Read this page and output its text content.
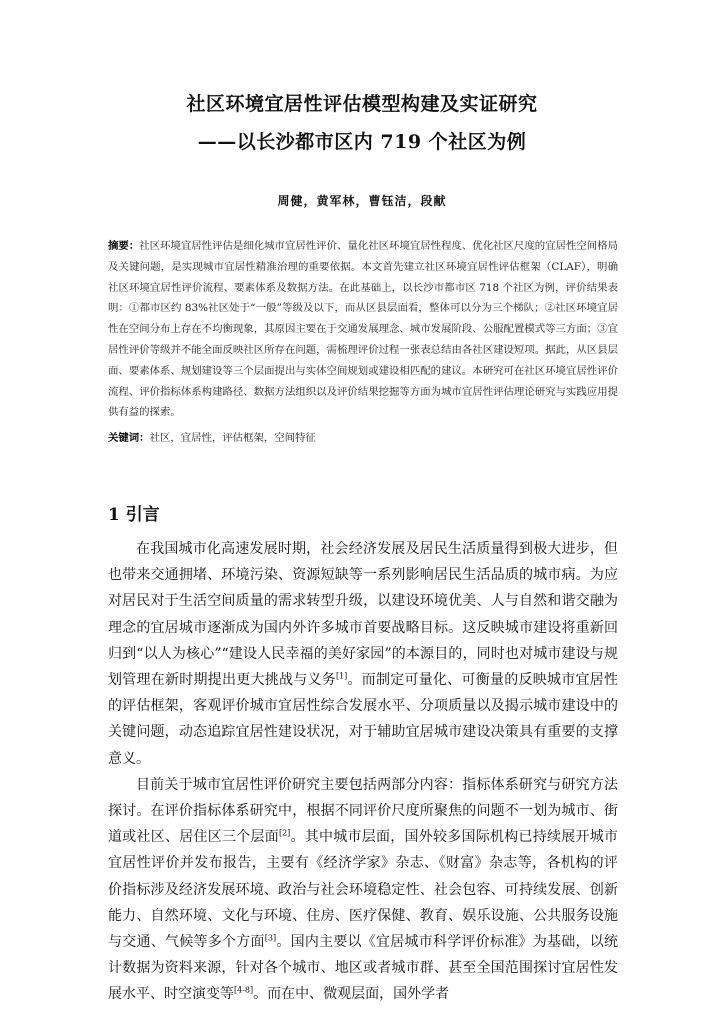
社区环境宜居性评估模型构建及实证研究
——以长沙都市区内 719 个社区为例
周健，黄军林，曹钰洁，段献
摘要：社区环境宜居性评估是细化城市宜居性评价、量化社区环境宜居性程度、优化社区尺度的宜居性空间格局及关键问题，是实现城市宜居性精准治理的重要依据。本文首先建立社区环境宜居性评估框架（CLAF），明确社区环境宜居性评价流程、要素体系及数据方法。在此基础上，以长沙市都市区 718 个社区为例，评价结果表明：①都市区约 83%社区处于“一般”等级及以下，而从区县层面看，整体可以分为三个梯队；②社区环境宜居性在空间分布上存在不均衡现象，其原因主要在于交通发展理念、城市发展阶段、公服配置模式等三方面；③宜居性评价等级并不能全面反映社区所存在问题，需梳理评价过程一张表总结由各社区建设短项。据此，从区县层面、要素体系、规划建设等三个层面提出与实体空间规划或建设相匹配的建议。本研究可在社区环境宜居性评价流程、评价指标体系构建路径、数据方法组织以及评价结果挖掘等方面为城市宜居性评估理论研究与实践应用提供有益的探索。
关键词：社区，宜居性，评估框架，空间特征
1 引言

在我国城市化高速发展时期，社会经济发展及居民生活质量得到极大进步，但也带来交通拥堵、环境污染、资源短缺等一系列影响居民生活品质的城市病。为应对居民对于生活空间质量的需求转型升级，以建设环境优美、人与自然和谐交融为理念的宜居城市逐渐成为国内外许多城市首要战略目标。这反映城市建设将重新回归到“以人为核心”“建设人民幸福的美好家园”的本源目的，同时也对城市建设与规划管理在新时期提出更大挑战与义务[1]。而制定可量化、可衡量的反映城市宜居性的评估框架，客观评价城市宜居性综合发展水平、分项质量以及揭示城市建设中的关键问题，动态追踪宜居性建设状况，对于辅助宜居城市建设决策具有重要的支撑意义。

目前关于城市宜居性评价研究主要包括两部分内容：指标体系研究与研究方法探讨。在评价指标体系研究中，根据不同评价尺度所聚焦的问题不一划为城市、街道或社区、居住区三个层面[2]。其中城市层面，国外较多国际机构已持续展开城市宜居性评价并发布报告，主要有《经济学家》杂志、《财富》杂志等，各机构的评价指标涉及经济发展环境、政治与社会环境稳定性、社会包容、可持续发展、创新能力、自然环境、文化与环境、住房、医疗保健、教育、娱乐设施、公共服务设施与交通、气候等多个方面[3]。国内主要以《宜居城市科学评价标准》为基础，以统计数据为资料来源，针对各个城市、地区或者城市群、甚至全国范围探讨宜居性发展水平、时空演变等[4-8]。而在中、微观层面，国外学者
